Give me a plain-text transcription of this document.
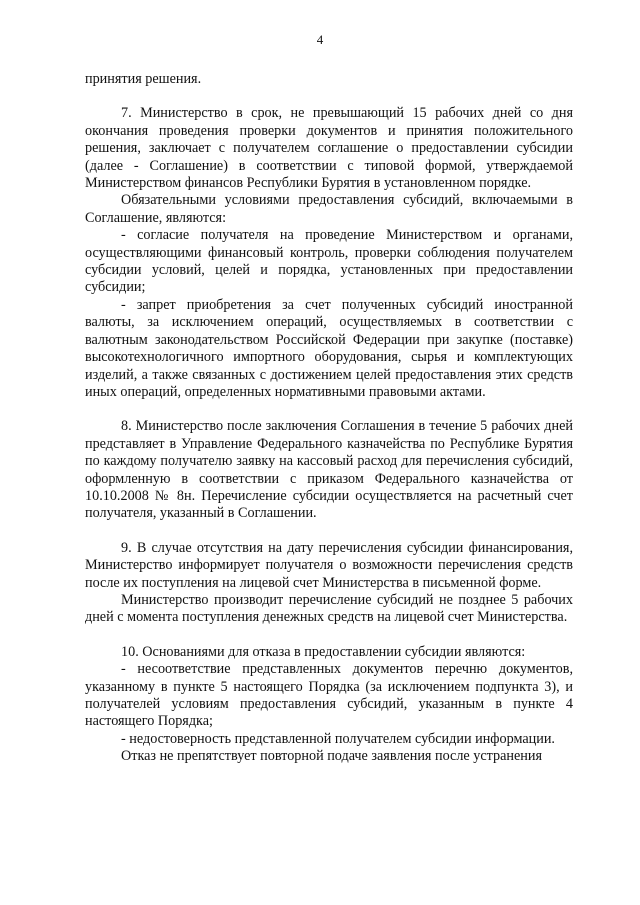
4

принятия решения.

7. Министерство в срок, не превышающий 15 рабочих дней со дня окончания проведения проверки документов и принятия положительного решения, заключает с получателем соглашение о предоставлении субсидии (далее - Соглашение) в соответствии с типовой формой, утверждаемой Министерством финансов Республики Бурятия в установленном порядке.

Обязательными условиями предоставления субсидий, включаемыми в Соглашение, являются:

- согласие получателя на проведение Министерством и органами, осуществляющими финансовый контроль, проверки соблюдения получателем субсидии условий, целей и порядка, установленных при предоставлении субсидии;

- запрет приобретения за счет полученных субсидий иностранной валюты, за исключением операций, осуществляемых в соответствии с валютным законодательством Российской Федерации при закупке (поставке) высокотехнологичного импортного оборудования, сырья и комплектующих изделий, а также связанных с достижением целей предоставления этих средств иных операций, определенных нормативными правовыми актами.

8. Министерство после заключения Соглашения в течение 5 рабочих дней представляет в Управление Федерального казначейства по Республике Бурятия по каждому получателю заявку на кассовый расход для перечисления субсидий, оформленную в соответствии с приказом Федерального казначейства от 10.10.2008 № 8н. Перечисление субсидии осуществляется на расчетный счет получателя, указанный в Соглашении.

9. В случае отсутствия на дату перечисления субсидии финансирования, Министерство информирует получателя о возможности перечисления средств после их поступления на лицевой счет Министерства в письменной форме.

Министерство производит перечисление субсидий не позднее 5 рабочих дней с момента поступления денежных средств на лицевой счет Министерства.

10. Основаниями для отказа в предоставлении субсидии являются:

- несоответствие представленных документов перечню документов, указанному в пункте 5 настоящего Порядка (за исключением подпункта 3), и получателей условиям предоставления субсидий, указанным в пункте 4 настоящего Порядка;

- недостоверность представленной получателем субсидии информации.

Отказ не препятствует повторной подаче заявления после устранения
